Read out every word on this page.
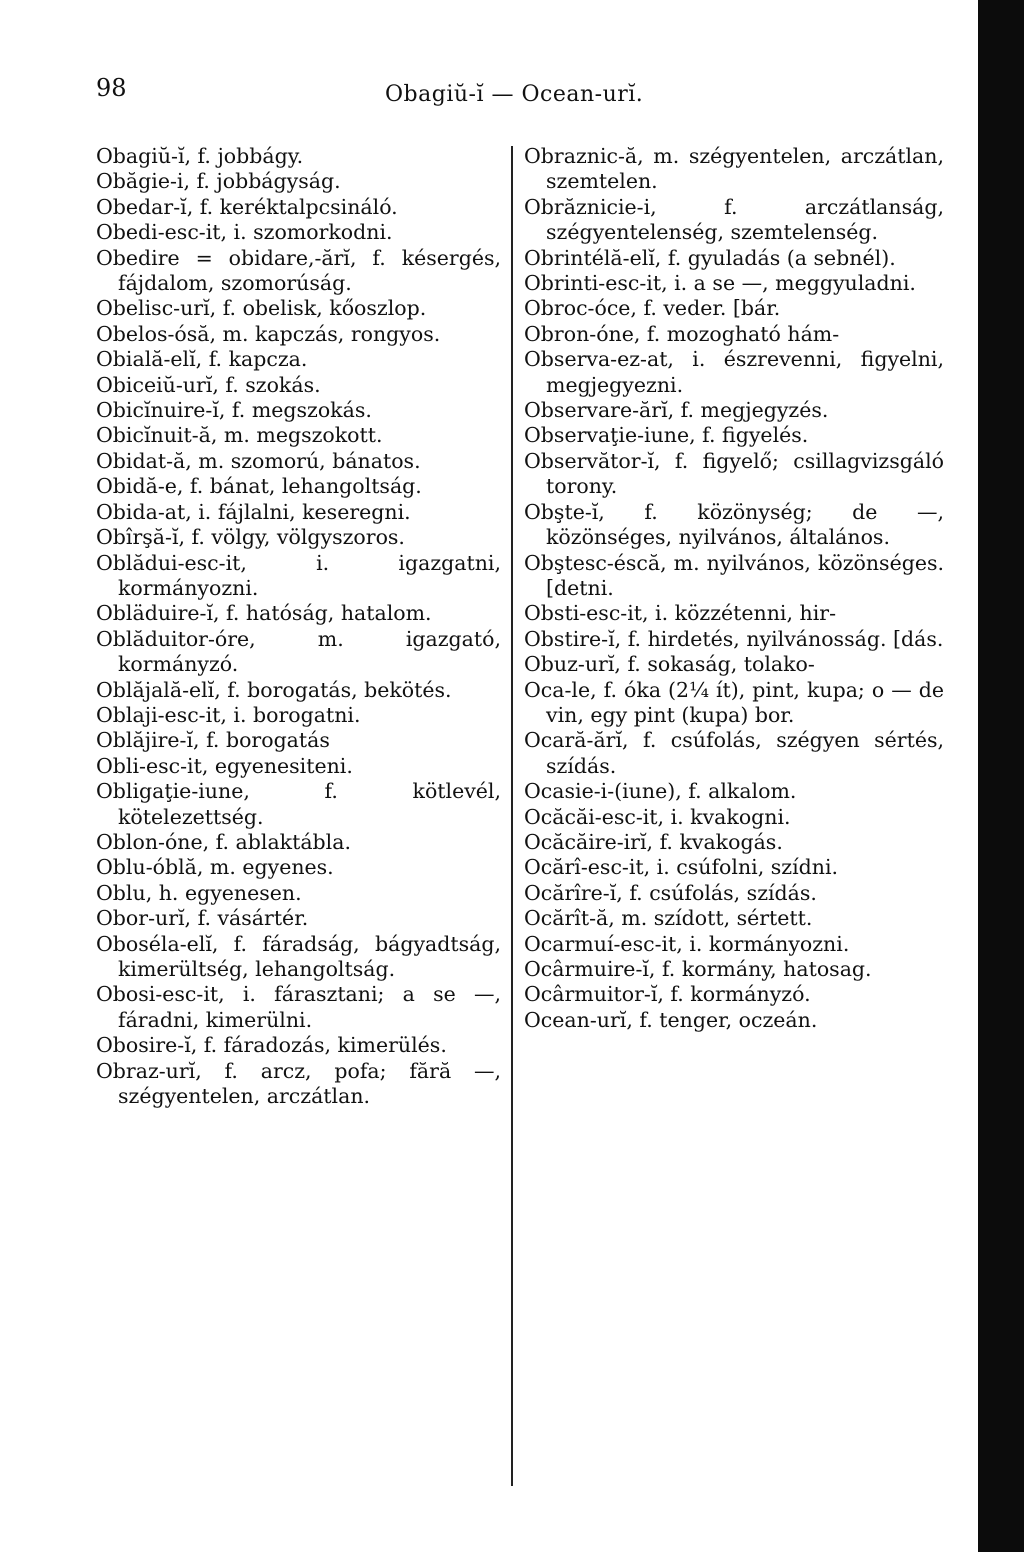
98	Obagiŭ-ĭ — Ocean-urĭ.
Obagiŭ-ĭ, f. jobbágy.
Obăgie-i, f. jobbágyság.
Obedar-ĭ, f. keréktalpcsináló.
Obedi-esc-it, i. szomorkodni.
Obedire = obidare,-ărĭ, f. késergés, fájdalom, szomorúság.
Obelisc-urĭ, f. obelisk, kőoszlop.
Obelos-ósă, m. kapczás, rongyos.
Obială-elĭ, f. kapcza.
Obiceiŭ-urĭ, f. szokás.
Obicĭnuire-ĭ, f. megszokás.
Obicĭnuit-ă, m. megszokott.
Obidat-ă, m. szomorú, bánatos.
Obidă-e, f. bánat, lehangoltság.
Obida-at, i. fájlalni, keseregni.
Obîrşă-ĭ, f. völgy, völgyszoros.
Oblădui-esc-it, i. igazgatni, kormányozni.
Obläduire-ĭ, f. hatóság, hatalom.
Oblăduitor-óre, m. igazgató, kormányzó.
Oblăjală-elĭ, f. borogatás, bekötés.
Oblaji-esc-it, i. borogatni.
Oblăjire-ĭ, f. borogatás
Obli-esc-it, egyenesiteni.
Obligaţie-iune, f. kötlevél, kötelezettség.
Oblon-óne, f. ablaktábla.
Oblu-óblă, m. egyenes.
Oblu, h. egyenesen.
Obor-urĭ, f. vásártér.
Oboséla-elĭ, f. fáradság, bágyadtság, kimerültség, lehangoltság.
Obosi-esc-it, i. fárasztani; a se —, fáradni, kimerülni.
Obosire-ĭ, f. fáradozás, kimerülés.
Obraz-urĭ, f. arcz, pofa; fără —, szégyentelen, arczátlan.
Obraznic-ă, m. szégyentelen, arczátlan, szemtelen.
Obrăznicie-i, f. arczátlanság, szégyentelenség, szemtelenség.
Obrintélă-elĭ, f. gyuladás (a sebnél).
Obrinti-esc-it, i. a se —, meggyuladni.
Obroc-óce, f. veder. [bár.
Obron-óne, f. mozogható hám-
Observa-ez-at, i. észrevenni, figyelni, megjegyezni.
Observare-ărĭ, f. megjegyzés.
Observaţie-iune, f. figyelés.
Observător-ĭ, f. figyelő; csillagvizsgáló torony.
Obşte-ĭ, f. közönység; de —, közönséges, nyilvános, általános.
Obştesc-éscă, m. nyilvános, közönséges. [detni.
Obsti-esc-it, i. közzétenni, hir-
Obstire-ĭ, f. hirdetés, nyilvánosság. [dás.
Obuz-urĭ, f. sokaság, tolako-
Oca-le, f. óka (2¼ ít), pint, kupa; o — de vin, egy pint (kupa) bor.
Ocară-ărĭ, f. csúfolás, szégyen sértés, szídás.
Ocasie-i-(iune), f. alkalom.
Ocăcăi-esc-it, i. kvakogni.
Ocăcăire-irĭ, f. kvakogás.
Ocărî-esc-it, i. csúfolni, szídni.
Ocărîre-ĭ, f. csúfolás, szídás.
Ocărît-ă, m. szídott, sértett.
Ocarmuí-esc-it, i. kormányozni.
Ocârmuire-ĭ, f. kormány, hatosag.
Ocârmuitor-ĭ, f. kormányzó.
Ocean-urĭ, f. tenger, oczeán.
